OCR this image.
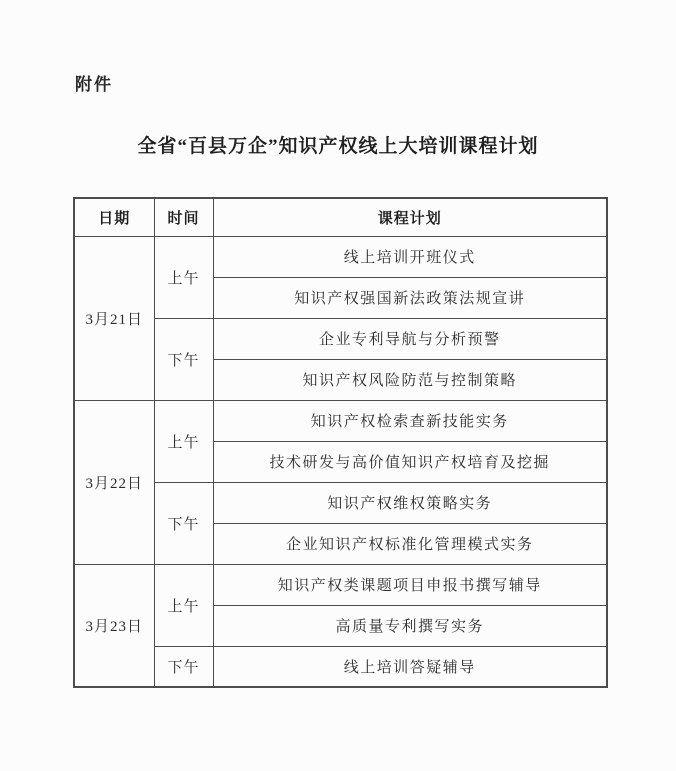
附件
全省“百县万企”知识产权线上大培训课程计划
日期	时间	课程计划
3月21日	上午	线上培训开班仪式
		知识产权强国新法政策法规宣讲
	下午	企业专利导航与分析预警
		知识产权风险防范与控制策略
3月22日	上午	知识产权检索查新技能实务
		技术研发与高价值知识产权培育及挖掘
	下午	知识产权维权策略实务
		企业知识产权标准化管理模式实务
3月23日	上午	知识产权类课题项目申报书撰写辅导
		高质量专利撰写实务
	下午	线上培训答疑辅导
